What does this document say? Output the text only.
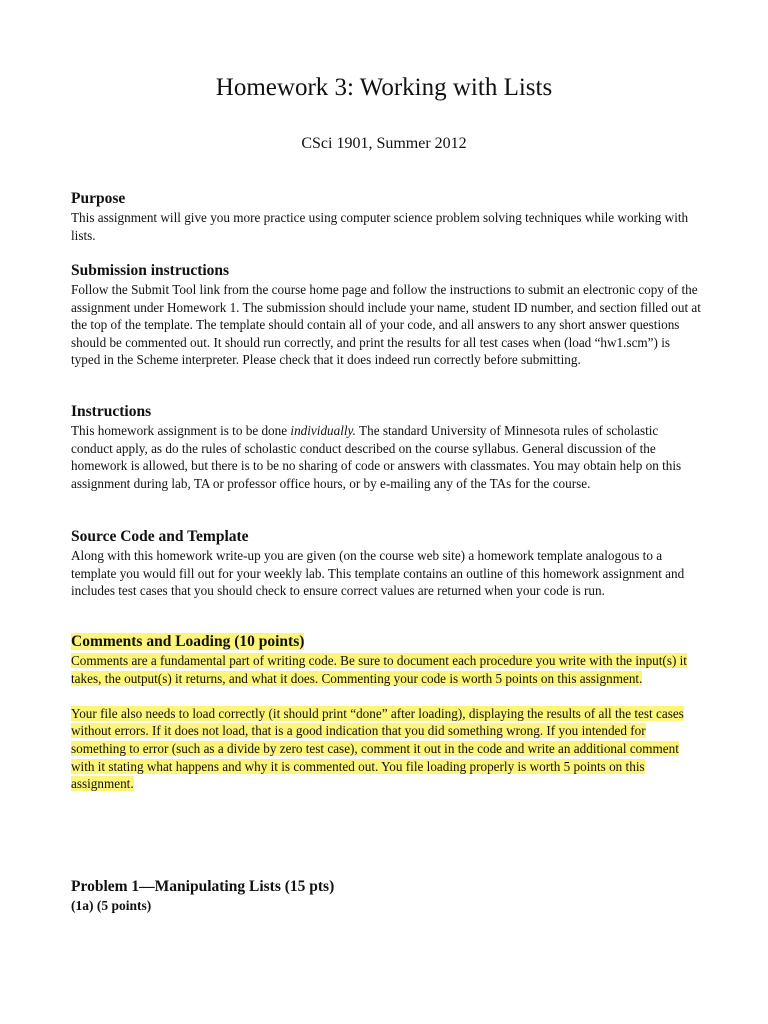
Homework 3: Working with Lists
CSci 1901, Summer 2012
Purpose

This assignment will give you more practice using computer science problem solving techniques while working with lists.

Submission instructions

Follow the Submit Tool link from the course home page and follow the instructions to submit an electronic copy of the assignment under Homework 1. The submission should include your name, student ID number, and section filled out at the top of the template. The template should contain all of your code, and all answers to any short answer questions should be commented out. It should run correctly, and print the results for all test cases when (load “hw1.scm”) is typed in the Scheme interpreter. Please check that it does indeed run correctly before submitting.

Instructions

This homework assignment is to be done individually. The standard University of Minnesota rules of scholastic conduct apply, as do the rules of scholastic conduct described on the course syllabus. General discussion of the homework is allowed, but there is to be no sharing of code or answers with classmates. You may obtain help on this assignment during lab, TA or professor office hours, or by e-mailing any of the TAs for the course.

Source Code and Template

Along with this homework write-up you are given (on the course web site) a homework template analogous to a template you would fill out for your weekly lab. This template contains an outline of this homework assignment and includes test cases that you should check to ensure correct values are returned when your code is run.

Comments and Loading (10 points)

Comments are a fundamental part of writing code. Be sure to document each procedure you write with the input(s) it takes, the output(s) it returns, and what it does. Commenting your code is worth 5 points on this assignment.

Your file also needs to load correctly (it should print “done” after loading), displaying the results of all the test cases without errors. If it does not load, that is a good indication that you did something wrong. If you intended for something to error (such as a divide by zero test case), comment it out in the code and write an additional comment with it stating what happens and why it is commented out. You file loading properly is worth 5 points on this assignment.

Problem 1—Manipulating Lists (15 pts)
(1a) (5 points)
